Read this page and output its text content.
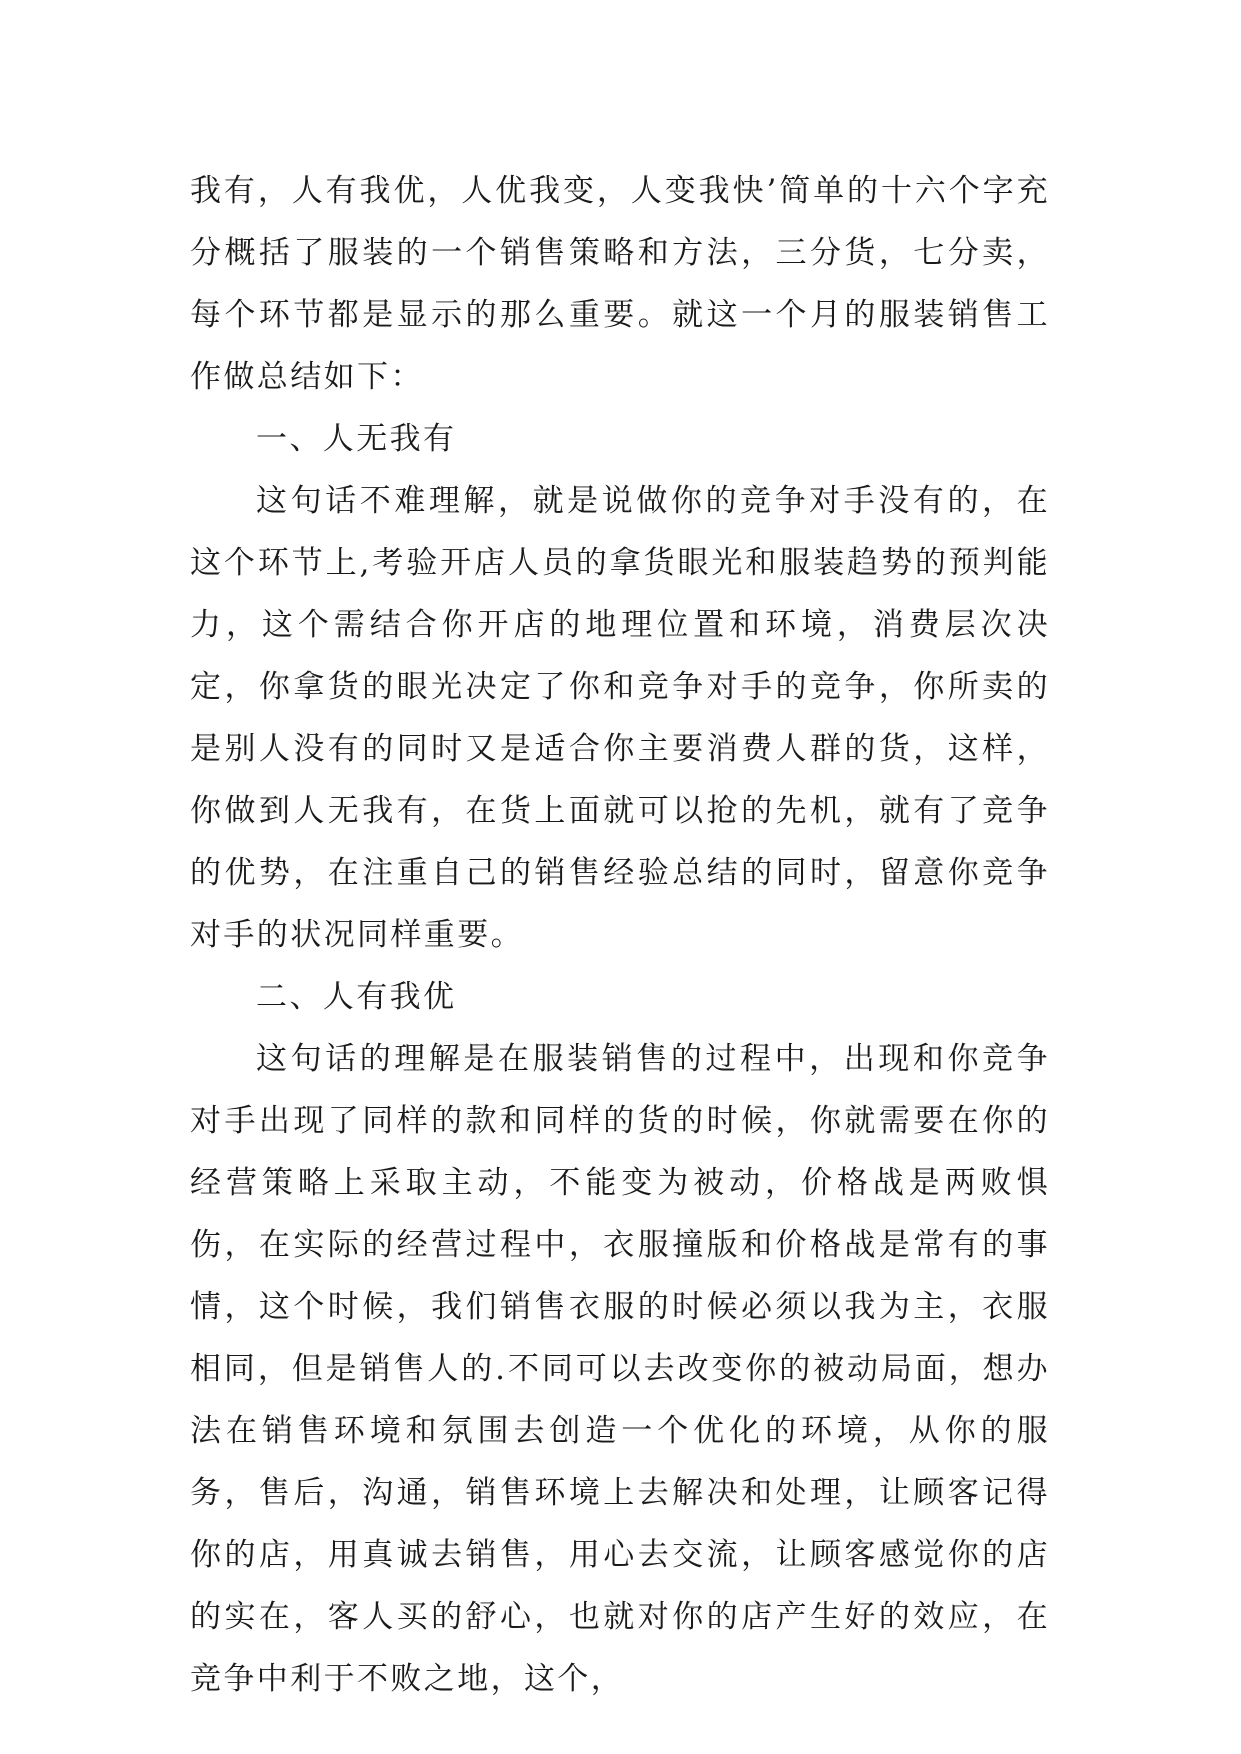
我有，人有我优，人优我变，人变我快’简单的十六个字充分概括了服装的一个销售策略和方法，三分货，七分卖，每个环节都是显示的那么重要。就这一个月的服装销售工作做总结如下：

一、人无我有

这句话不难理解，就是说做你的竞争对手没有的，在这个环节上,考验开店人员的拿货眼光和服装趋势的预判能力，这个需结合你开店的地理位置和环境，消费层次决定，你拿货的眼光决定了你和竞争对手的竞争，你所卖的是别人没有的同时又是适合你主要消费人群的货，这样，你做到人无我有，在货上面就可以抢的先机，就有了竞争的优势，在注重自己的销售经验总结的同时，留意你竞争对手的状况同样重要。

二、人有我优

这句话的理解是在服装销售的过程中，出现和你竞争对手出现了同样的款和同样的货的时候，你就需要在你的经营策略上采取主动，不能变为被动，价格战是两败惧伤，在实际的经营过程中，衣服撞版和价格战是常有的事情，这个时候，我们销售衣服的时候必须以我为主，衣服相同，但是销售人的.不同可以去改变你的被动局面，想办法在销售环境和氛围去创造一个优化的环境，从你的服务，售后，沟通，销售环境上去解决和处理，让顾客记得你的店，用真诚去销售，用心去交流，让顾客感觉你的店的实在，客人买的舒心，也就对你的店产生好的效应，在竞争中利于不败之地，这个，
